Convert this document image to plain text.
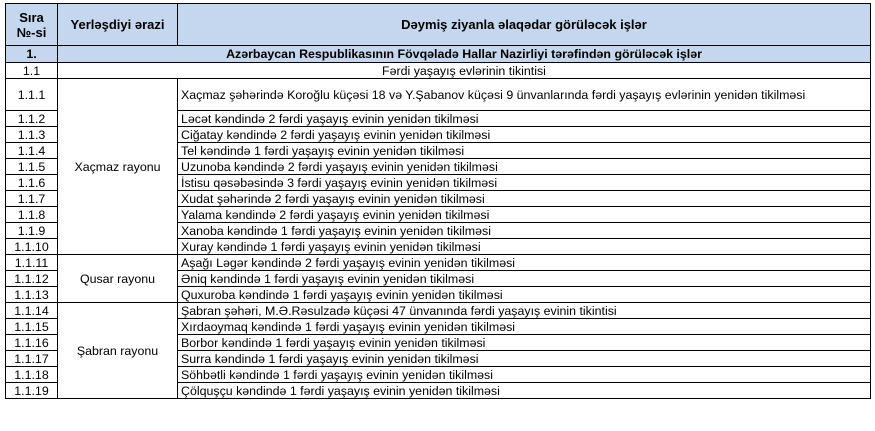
Sıra №-si	Yerləşdiyi ərazi	Dəymiş ziyanla əlaqədar görüləcək işlər
1.	Azərbaycan Respublikasının Fövqəladə Hallar Nazirliyi tərəfindən görüləcək işlər	
1.1	Fərdi yaşayış evlərinin tikintisi	
1.1.1	Xaçmaz rayonu	Xaçmaz şəhərində Koroğlu küçəsi 18 və Y.Şabanov küçəsi 9 ünvanlarında fərdi yaşayış evlərinin yenidən tikilməsi
1.1.2		Ləcət kəndində 2 fərdi yaşayış evinin yenidən tikilməsi
1.1.3		Ciğatay kəndində 2 fərdi yaşayış evinin yenidən tikilməsi
1.1.4		Tel kəndində 1 fərdi yaşayış evinin yenidən tikilməsi
1.1.5		Uzunoba kəndində 2 fərdi yaşayış evinin yenidən tikilməsi
1.1.6		İstisu qəsəbəsində 3 fərdi yaşayış evinin yenidən tikilməsi
1.1.7		Xudat şəhərində 2 fərdi yaşayış evinin yenidən tikilməsi
1.1.8		Yalama kəndində 2 fərdi yaşayış evinin yenidən tikilməsi
1.1.9		Xanoba kəndində 1 fərdi yaşayış evinin yenidən tikilməsi
1.1.10		Xuray kəndində 1 fərdi yaşayış evinin yenidən tikilməsi
1.1.11	Qusar rayonu	Aşağı Ləgər kəndində 2 fərdi yaşayış evinin yenidən tikilməsi
1.1.12		Əniq kəndində 1 fərdi yaşayış evinin yenidən tikilməsi
1.1.13		Quxuroba kəndində 1 fərdi yaşayış evinin yenidən tikilməsi
1.1.14	Şabran rayonu	Şabran şəhəri, M.Ə.Rəsulzadə küçəsi 47 ünvanında fərdi yaşayış evinin tikintisi
1.1.15		Xırdaoymaq kəndində 1 fərdi yaşayış evinin yenidən tikilməsi
1.1.16		Borbor kəndində 1 fərdi yaşayış evinin yenidən tikilməsi
1.1.17		Surra kəndində 1 fərdi yaşayış evinin yenidən tikilməsi
1.1.18		Söhbətli kəndində 1 fərdi yaşayış evinin yenidən tikilməsi
1.1.19		Çölquşçu kəndində 1 fərdi yaşayış evinin yenidən tikilməsi
